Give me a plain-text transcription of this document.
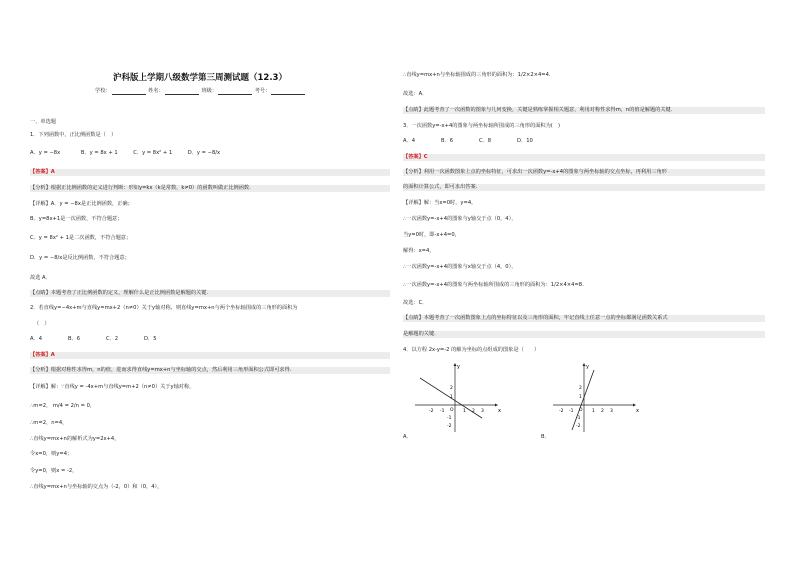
沪科版上学期八级数学第三周测试题（12.3）
学校：	姓名：	班级：	考号：
一、单选题
1．下列函数中，正比例函数是（　）
A．y = −8x　　　　B．y = 8x + 1　　　C．y = 8x² + 1　　　D．y = −8/x
【答案】A
【分析】根据正比例函数的定义进行判断：形如y=kx（k是常数，k≠0）的函数叫做正比例函数.
【详解】A．y = −8x是正比例函数，正确；
B．y=8x+1是一次函数，不符合题意；
C．y = 8x² + 1是二次函数，不符合题意；
D．y = −8/x是反比例函数，不符合题意；
故选 A．
【点睛】本题考查了正比例函数的定义，理解什么是正比例函数是解题的关键.
2．若直线y=−4x+m与直线y=mx+2（n≠0）关于y轴对称，则直线y=mx+n与两个坐标轴围成的三角形的面积为
（　）
A．4　　　　　B．6　　　　　C．2　　　　　D．5
【答案】A
【分析】根据对称性求得m，n的值，进而求得直线y=mx+n与坐标轴的交点，然后利用三角形面积公式即可求得.
【详解】解：∵直线y = -4x+m与直线y=m+2（n≠0）关于y轴对称，
∴m=2， m/4 = 2/n = 0，
∴m=2，n=4，
∴直线y=mx+n的解析式为y=2x+4，
令x=0，则y=4；
令y=0，则x = -2，
∴直线y=mx+n与坐标轴的交点为（-2，0）和（0，4），
∴直线y=mx+n与坐标轴围成的三角形的面积为：1/2×2×4=4.
故选：A．
【点睛】此题考查了一次函数的图象与几何变换，关键是熟练掌握相关题意，利用对称性求得m，n的值是解题的关键.
3．一次函数y=-x+4的图象与两坐标轴所围成的三角形的面积为(　)
A．4　　　　　B．6　　　　　C．8　　　　　D．10
【答案】C
【分析】利用一次函数图象上点的坐标特征，可求出一次函数y=-x+4的图象与两坐标轴的交点坐标，再利用三角形
的面积计算公式，即可求出答案.
【详解】解：当x=0时，y=4，
∴一次函数y=-x+4的图象与y轴交于点（0，4），
当y=0时，即-x+4=0，
解得：x=4，
∴一次函数y=-x+4的图象与x轴交于点（4，0），
∴一次函数y=-x+4的图象与两坐标轴所围成的三角形的面积为：1/2×4×4=8.
故选：C．
【点睛】本题考查了一次函数图象上点的坐标特征以及三角形的面积，牢记直线上任意一点的坐标都满足函数关系式
是解题的关键.
4．以方程 2x-y=-2 的解为坐标的点组成的图象是（　　）
x
y
O
-2 -1	1 2 3
2
1
-1
-2
A．
x
y
O
-2 -1	1 2 3
2
1
-1
-2
B．
